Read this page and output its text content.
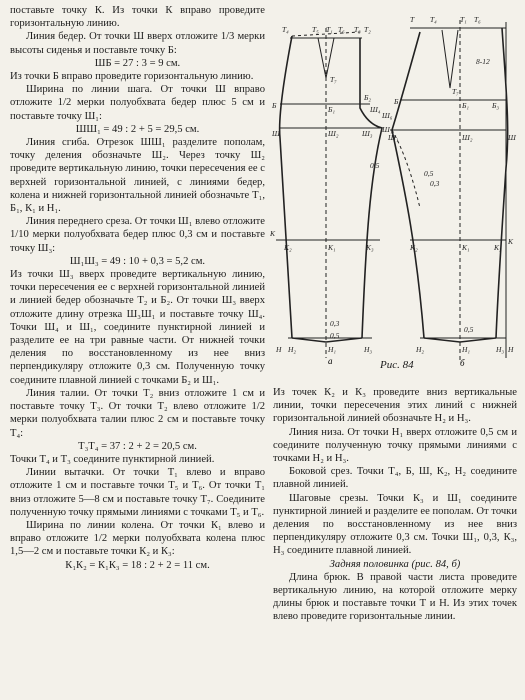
поставьте точку К. Из точки К вправо проведите горизонтальную линию.

Линия бедер. От точки Ш вверх отложите 1/3 мерки высоты сиденья и поставьте точку Б:

ШБ = 27 : 3 = 9 см.

Из точки Б вправо проведите горизонтальную линию.

Ширина по линии шага. От точки Ш вправо отложите 1/2 мерки полуобхвата бедер плюс 5 см и поставьте точку Ш₁:

ШШ₁ = 49 : 2 + 5 = 29,5 см.

Линия сгиба. Отрезок ШШ₁ разделите пополам, точку деления обозначьте Ш₂. Через точку Ш₂ проведите вертикальную линию, точки пересечения ее с верхней горизонтальной линией, с линиями бедер, колена и нижней горизонтальной линией обозначьте Т₁, Б₁, К₁ и Н₁.

Линия переднего среза. От точки Ш₁ влево отложите 1/10 мерки полуобхвата бедер плюс 0,3 см и поставьте точку Ш₃:

Ш₁Ш₃ = 49 : 10 + 0,3 = 5,2 см.

Из точки Ш₃ вверх проведите вертикальную линию, точки пересечения ее с верхней горизонтальной линией и линией бедер обозначьте Т₂ и Б₂. От точки Ш₃ вверх отложите длину отрезка Ш₃Ш₁ и поставьте точку Ш₄. Точки Ш₄ и Ш₁, соедините пунктирной линией и разделите ее на три равные части. От нижней точки деления по восстановленному из нее вниз перпендикуляру отложите 0,3 см. Полученную точку соедините плавной линией с точками Б₂ и Ш₁.

Линия талии. От точки Т₂ вниз отложите 1 см и поставьте точку Т₃. От точки Т₂ влево отложите 1/2 мерки полуобхвата талии плюс 2 см и поставьте точку Т₄:

Т₃Т₄ = 37 : 2 + 2 = 20,5 см.

Точки Т₄ и Т₃ соедините пунктирной линией.

Линии вытачки. От точки Т₁ влево и вправо отложите 1 см и поставьте точки Т₅ и Т₆. От точки Т₁ вниз отложите 5—8 см и поставьте точку Т₇. Соедините полученную точку прямыми линиями с точками Т₅ и Т₆.

Ширина по линии колена. От точки К₁ влево и вправо отложите 1/2 мерки полуобхвата колена плюс 1,5—2 см и поставьте точки К₂ и К₃:

К₁К₂ = К₁К₃ = 18 : 2 + 2 = 11 см.

Т₄	Т₅ Т₁ Т₆ Т₃ Т₂
Т₇
Б	Б₁
Б₂
Ш	Ш₂	Ш₃
Ш₄
Ш₁
0,5
К
К₂	К₁	К₃
Н Н₂	Н₁	Н₃
0,3
0,5
Т Т₄	Т₁ Т₆
8-12
Т₇
Б	Б₁	Б₃
Ш₁	Ш₂	Ш
Ш₆
0,5
0,3
К₂	К₁	К₃
К
Н₂	Н
Н₁	Н₃
0,5
а	б
Рис. 84

Из точек К₂ и К₃ проведите вниз вертикальные линии, точки пересечения этих линий с нижней горизонтальной линией обозначьте Н₂ и Н₃.

Линия низа. От точки Н₁ вверх отложите 0,5 см и соедините полученную точку прямыми линиями с точками Н₂ и Н₃.

Боковой срез. Точки Т₄, Б, Ш, К₂, Н₂ соедините плавной линией.

Шаговые срезы. Точки К₃ и Ш₁ соедините пунктирной линией и разделите ее пополам. От точки деления по восстановленному из нее вниз перпендикуляру отложите 0,3 см. Точки Ш₁, 0,3, К₃, Н₃ соедините плавной линией.

Задняя половинка (рис. 84, б)

Длина брюк. В правой части листа проведите вертикальную линию, на которой отложите мерку длины брюк и поставьте точки Т и Н. Из этих точек влево проведите горизонтальные линии.
